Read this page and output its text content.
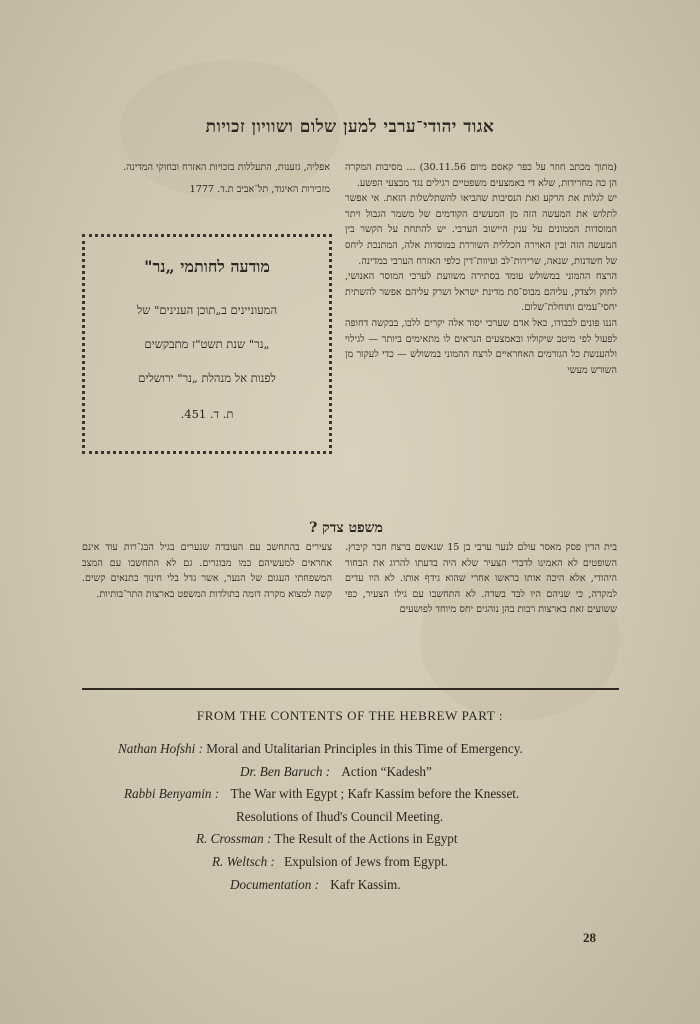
אגוד יהודי־ערבי למען שלום ושוויון זכויות

(מתוך מכתב חוזר על כפר קאסם מיום 30.11.56) ... מסיבות המקרה הן כה מחרידות, שלא די באמצעים משפטיים רגילים נגד מבצעי הפשע.

יש לגלות את הרקע ואת הנסיבות שהביאו להשתלשלות הזאת. אי אפשר לתלוש את המעשה הזה מן המעשים הקודמים של משמר הגבול ויתר המוסדות הממונים על ענין היישוב הערבי. יש להתחת על הקשר בין המעשה הזה ובין האוירה הכללית השוררת במוסדות אלה, המתנכת ליחס של חשדנות, שנאה, שרירות־לב ועיוות־דין כלפי האזרח הערבי במדינה.

הרצח ההמוני במשולש עומד בסתירה משוועת לערכי המוסר האנושי, לחוק ולצדק, עליהם מבוס־סת מדינת ישראל ושרק עליהם אפשר להשתית יחסי־עמים ותוחלת־שלום.

הננו פונים לכבודו, כאל אדם שערכי יסוד אלה יקרים ללבו, בבקשה דחופה לפעול לפי מיטב שיקוליו ובאמצעים הנראים לו מתאימים ביותר — לגילוי ולהענשת כל הגורמים האחראיים לרצח ההמוני במשולש — כדי לעקור מן השורש מעשי

אפליה, גזענות, התעללות בזכויות האזרח ובחוקי המדינה.

מזכירות האיגוד, תל־אביב ת.ד. 1777

מודעה לחותמי „נר"
המעוניינים ב„תוכן הענינים" של
„נר" שנת תשט"ז מתבקשים
לפנות אל מנהלת „נר" ירושלים
ת. ד. 451.
משפט צדק ?
בית הדין פסק מאסר עולם לנער ערבי בן 15 שנאשם ברצח חבר קיבוץ. השופטים לא האמינו לדברי הצעיר שלא היה בדעתו להרוג את הבחור היהודי, אלא היכה אותו בראשו אחרי שהוא גידף אותו. לא היו עדים למקרה, כי שניהם היו לבד בשדה. לא התחשבו עם גילו הצעיר, כפי ששועים זאת בארצות רבות בהן נוהגים יחס מיוחד לפושעים
צעירים בהתחשב עם העובדה שנערים בגיל הבג־רות עוד אינם אחראים למעשיהם כמו מבוגרים. גם לא התחשבו עם המצב המשפחתי העגום של הנער, אשר גדל בלי חינוך בתנאים קשים. קשה למצוא מקרה דומה בתולדות המשפט בארצות התר־בותיות.
FROM THE CONTENTS OF THE HEBREW PART :
Nathan Hofshi : Moral and Utalitarian Principles in this Time of Emergency.
Dr. Ben Baruch : Action “Kadesh”
Rabbi Benyamin : The War with Egypt ; Kafr Kassim before the Knesset.
Resolutions of Ihud's Council Meeting.
R. Crossman : The Result of the Actions in Egypt
R. Weltsch : Expulsion of Jews from Egypt.
Documentation : Kafr Kassim.
28
